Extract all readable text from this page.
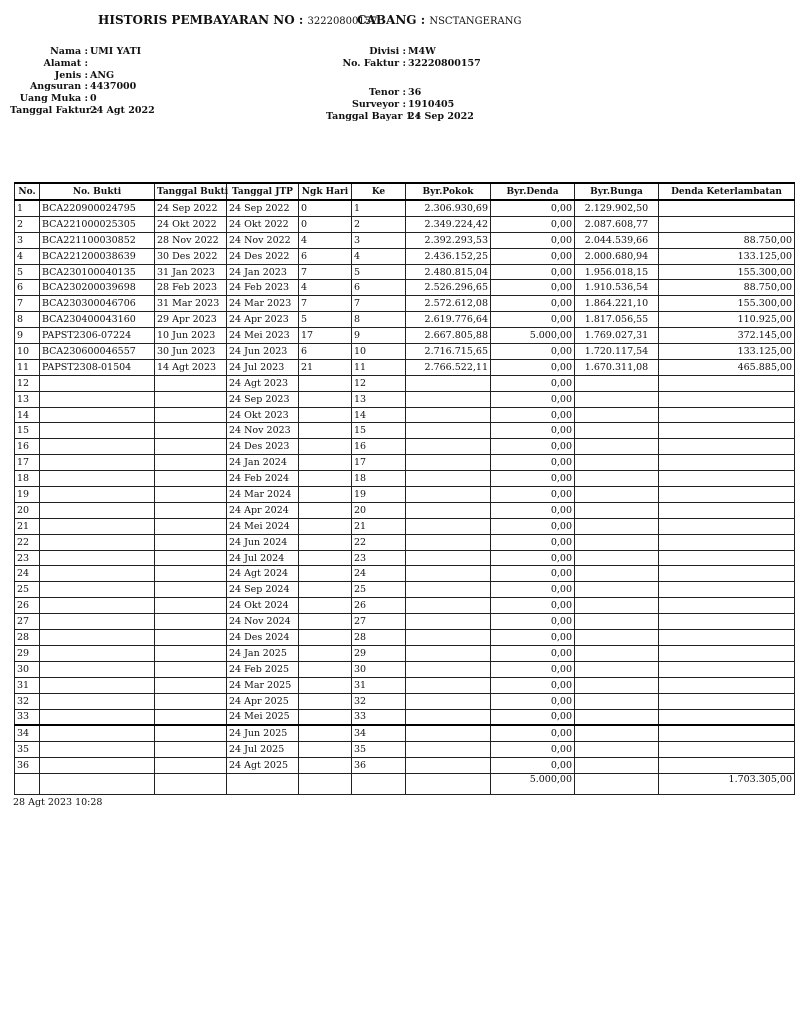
HISTORIS PEMBAYARAN NO : 32220800157
CABANG : NSCTANGERANG
Nama : UMI YATI
Alamat :
Jenis : ANG
Angsuran : 4437000
Uang Muka : 0
Tanggal Faktur :
24 Agt 2022
Divisi : M4W
No. Faktur : 32220800157
Tenor : 36
Surveyor : 1910405
Tanggal Bayar 1 :
24 Sep 2022
No.	No. Bukti	Tanggal Bukti	Tanggal JTP	Ngk Hari	Ke	Byr.Pokok	Byr.Denda	Byr.Bunga	Denda Keterlambatan
1	BCA220900024795	24 Sep 2022	24 Sep 2022	0	1	2.306.930,69	0,00	2.129.902,50	
2	BCA221000025305	24 Okt 2022	24 Okt 2022	0	2	2.349.224,42	0,00	2.087.608,77	
3	BCA221100030852	28 Nov 2022	24 Nov 2022	4	3	2.392.293,53	0,00	2.044.539,66	88.750,00
4	BCA221200038639	30 Des 2022	24 Des 2022	6	4	2.436.152,25	0,00	2.000.680,94	133.125,00
5	BCA230100040135	31 Jan 2023	24 Jan 2023	7	5	2.480.815,04	0,00	1.956.018,15	155.300,00
6	BCA230200039698	28 Feb 2023	24 Feb 2023	4	6	2.526.296,65	0,00	1.910.536,54	88.750,00
7	BCA230300046706	31 Mar 2023	24 Mar 2023	7	7	2.572.612,08	0,00	1.864.221,10	155.300,00
8	BCA230400043160	29 Apr 2023	24 Apr 2023	5	8	2.619.776,64	0,00	1.817.056,55	110.925,00
9	PAPST2306-07224	10 Jun 2023	24 Mei 2023	17	9	2.667.805,88	5.000,00	1.769.027,31	372.145,00
10	BCA230600046557	30 Jun 2023	24 Jun 2023	6	10	2.716.715,65	0,00	1.720.117,54	133.125,00
11	PAPST2308-01504	14 Agt 2023	24 Jul 2023	21	11	2.766.522,11	0,00	1.670.311,08	465.885,00
12			24 Agt 2023		12		0,00		
13			24 Sep 2023		13		0,00		
14			24 Okt 2023		14		0,00		
15			24 Nov 2023		15		0,00		
16			24 Des 2023		16		0,00		
17			24 Jan 2024		17		0,00		
18			24 Feb 2024		18		0,00		
19			24 Mar 2024		19		0,00		
20			24 Apr 2024		20		0,00		
21			24 Mei 2024		21		0,00		
22			24 Jun 2024		22		0,00		
23			24 Jul 2024		23		0,00		
24			24 Agt 2024		24		0,00		
25			24 Sep 2024		25		0,00		
26			24 Okt 2024		26		0,00		
27			24 Nov 2024		27		0,00		
28			24 Des 2024		28		0,00		
29			24 Jan 2025		29		0,00		
30			24 Feb 2025		30		0,00		
31			24 Mar 2025		31		0,00		
32			24 Apr 2025		32		0,00		
33			24 Mei 2025		33		0,00		
34			24 Jun 2025		34		0,00		
35			24 Jul 2025		35		0,00		
36			24 Agt 2025		36		0,00		
							5.000,00		1.703.305,00
28 Agt 2023 10:28
